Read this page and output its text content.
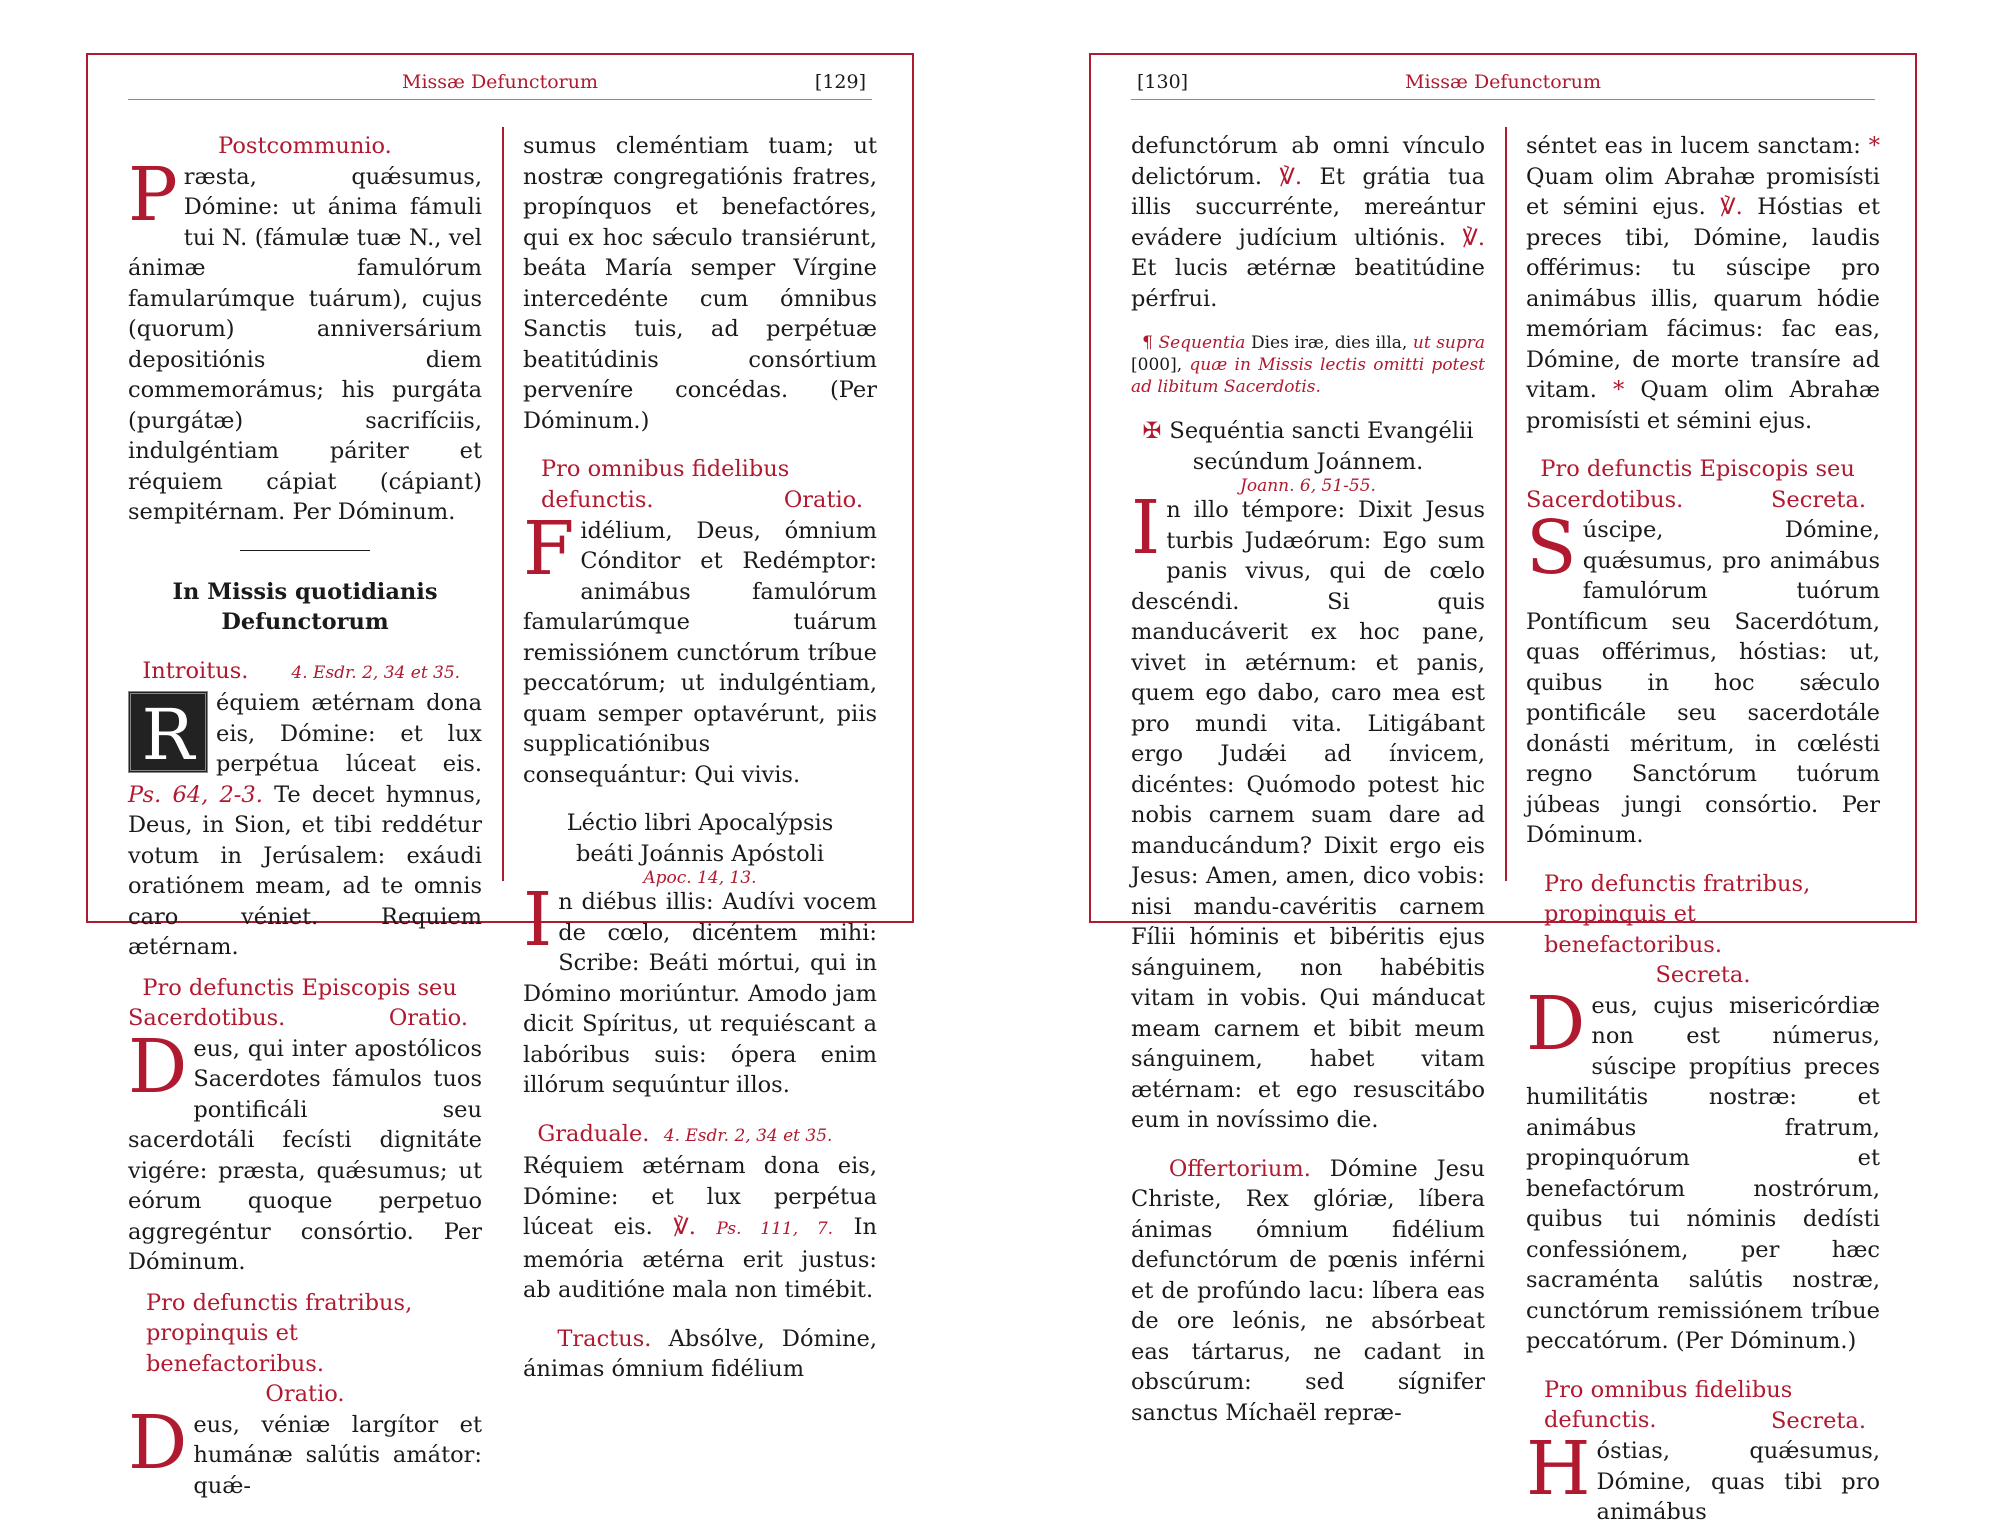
Missæ Defunctorum	[129]

Postcommunio.

Præsta, quǽsumus, Dómine: ut ánima fámuli tui N. (fámulæ tuæ N., vel ánimæ famulórum famularúmque tuárum), cujus (quorum) anniversárium depositiónis diem commemorámus; his purgáta (purgátæ) sacrifíciis, indulgéntiam páriter et réquiem cápiat (cápiant) sempitérnam. Per Dóminum.

In Missis quotidianis

Defunctorum

Introitus.	4. Esdr. 2, 34 et 35.

R équiem ætérnam dona eis, Dómine: et lux perpétua lúceat eis. Ps. 64, 2-3. Te decet hymnus, Deus, in Sion, et tibi reddétur votum in Jerúsalem: exáudi oratiónem meam, ad te omnis caro véniet. Requiem ætérnam.

Pro defunctis Episcopis seu

Sacerdotibus.	Oratio.

Deus, qui inter apostólicos Sacerdotes fámulos tuos pontificáli seu sacerdotáli fecísti dignitáte vigére: præsta, quǽsumus; ut eórum quoque perpetuo aggregéntur consórtio. Per Dóminum.

Pro defunctis fratribus, propinquis et benefactoribus.

Oratio.

Deus, véniæ largítor et humánæ salútis amátor: quǽ-

sumus cleméntiam tuam; ut nostræ congregatiónis fratres, propínquos et benefactóres, qui ex hoc sǽculo transiérunt, beáta María semper Vírgine intercedénte cum ómnibus Sanctis tuis, ad perpétuæ beatitúdinis consórtium perveníre concédas. (Per Dóminum.)

Pro omnibus fidelibus defunctis.	Oratio.

Fidélium, Deus, ómnium Cónditor et Redémptor: animábus famulórum famularúmque tuárum remissiónem cunctórum tríbue peccatórum; ut indulgéntiam, quam semper optavérunt, piis supplicatiónibus consequántur: Qui vivis.

Léctio libri Apocalýpsis

beáti Joánnis Apóstoli

Apoc. 14, 13.

In diébus illis: Audívi vocem de cœlo, dicéntem mihi: Scribe: Beáti mórtui, qui in Dómino moriúntur. Amodo jam dicit Spíritus, ut requiéscant a labóribus suis: ópera enim illórum sequúntur illos.

Graduale. 4. Esdr. 2, 34 et 35.

Réquiem ætérnam dona eis, Dómine: et lux perpétua lúceat eis. ℣. Ps. 111, 7. In memória ætérna erit justus: ab auditióne mala non timébit.

Tractus. Absólve, Dómine, ánimas ómnium fidélium

Missæ Defunctorum
[130]

defunctórum ab omni vínculo delictórum. ℣. Et grátia tua illis succurrénte, mereántur evádere judícium ultiónis. ℣. Et lucis ætérnæ beatitúdine pérfrui.

¶ Sequentia Dies iræ, dies illa, ut supra [000], quæ in Missis lectis omitti potest ad libitum Sacerdotis.

✠ Sequéntia sancti Evangélii

secúndum Joánnem.

Joann. 6, 51-55.

In illo témpore: Dixit Jesus turbis Judæórum: Ego sum panis vivus, qui de cœlo descéndi. Si quis manducáverit ex hoc pane, vivet in ætérnum: et panis, quem ego dabo, caro mea est pro mundi vita. Litigábant ergo Judǽi ad ínvicem, dicéntes: Quómodo potest hic nobis carnem suam dare ad manducándum? Dixit ergo eis Jesus: Amen, amen, dico vobis: nisi mandu-cavéritis carnem Fílii hóminis et bibéritis ejus sánguinem, non habébitis vitam in vobis. Qui mánducat meam carnem et bibit meum sánguinem, habet vitam ætérnam: et ego resuscitábo eum in novíssimo die.

Offertorium. Dómine Jesu Christe, Rex glóriæ, líbera ánimas ómnium fidélium defunctórum de pœnis inférni et de profúndo lacu: líbera eas de ore leónis, ne absórbeat eas tártarus, ne cadant in obscúrum: sed sígnifer sanctus Míchaël repræ-

séntet eas in lucem sanctam: * Quam olim Abrahæ promisísti et sémini ejus. ℣. Hóstias et preces tibi, Dómine, laudis offérimus: tu súscipe pro animábus illis, quarum hódie memóriam fácimus: fac eas, Dómine, de morte transíre ad vitam. * Quam olim Abrahæ promisísti et sémini ejus.

Pro defunctis Episcopis seu

Sacerdotibus.	Secreta.

Súscipe, Dómine, quǽsumus, pro animábus famulórum tuórum Pontíficum seu Sacerdótum, quas offérimus, hóstias: ut, quibus in hoc sǽculo pontificále seu sacerdotále donásti méritum, in cœlésti regno Sanctórum tuórum júbeas jungi consórtio. Per Dóminum.

Pro defunctis fratribus, propinquis et benefactoribus.

Secreta.

Deus, cujus misericórdiæ non est númerus, súscipe propítius preces humilitátis nostræ: et animábus fratrum, propinquórum et benefactórum nostrórum, quibus tui nóminis dedísti confessiónem, per hæc sacraménta salútis nostræ, cunctórum remissiónem tríbue peccatórum. (Per Dóminum.)

Pro omnibus fidelibus defunctis.	Secreta.

Hóstias, quǽsumus, Dómine, quas tibi pro animábus
